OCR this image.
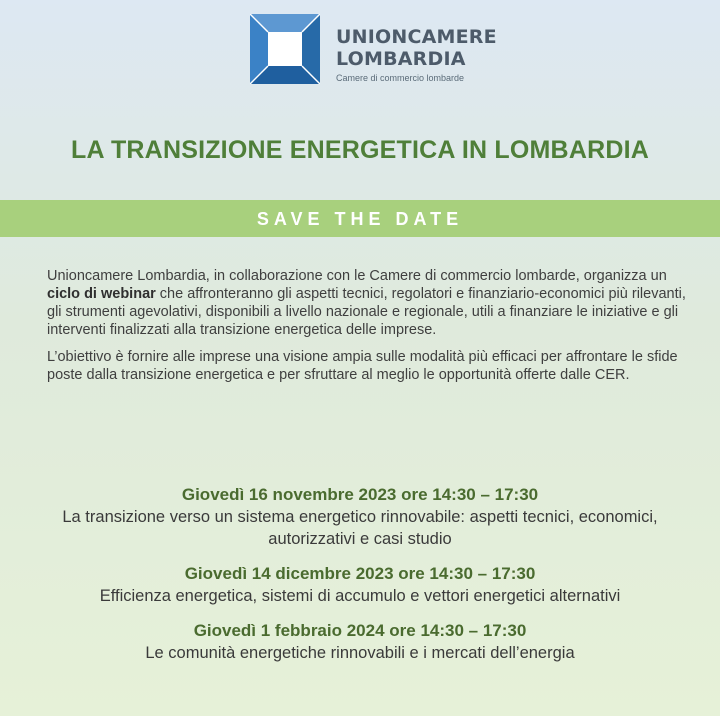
UNIONCAMERE
LOMBARDIA
Camere di commercio lombarde
LA TRANSIZIONE ENERGETICA IN LOMBARDIA
SAVE THE DATE

Unioncamere Lombardia, in collaborazione con le Camere di commercio lombarde, organizza un ciclo di webinar che affronteranno gli aspetti tecnici, regolatori e finanziario-economici più rilevanti, gli strumenti agevolativi, disponibili a livello nazionale e regionale, utili a finanziare le iniziative e gli interventi finalizzati alla transizione energetica delle imprese.

L’obiettivo è fornire alle imprese una visione ampia sulle modalità più efficaci per affrontare le sfide poste dalla transizione energetica e per sfruttare al meglio le opportunità offerte dalle CER.

Giovedì 16 novembre 2023 ore 14:30 – 17:30
La transizione verso un sistema energetico rinnovabile: aspetti tecnici, economici, autorizzativi e casi studio
Giovedì 14 dicembre 2023 ore 14:30 – 17:30
Efficienza energetica, sistemi di accumulo e vettori energetici alternativi
Giovedì 1 febbraio 2024 ore 14:30 – 17:30
Le comunità energetiche rinnovabili e i mercati dell’energia
